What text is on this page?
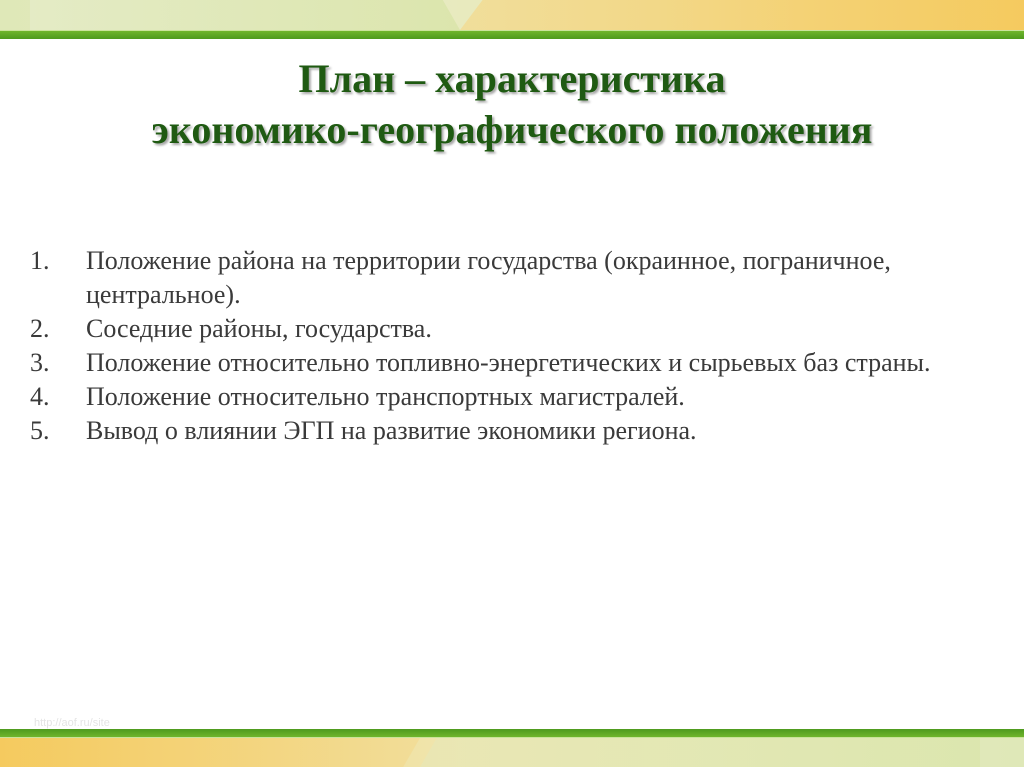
План – характеристика
экономико-географического положения
1.	Положение района на территории государства (окраинное, пограничное, центральное).
2.	Соседние районы, государства.
3.	Положение относительно топливно-энергетических и сырьевых баз страны.
4.	Положение относительно транспортных магистралей.
5.	Вывод о влиянии ЭГП на развитие экономики региона.
http://aof.ru/site
